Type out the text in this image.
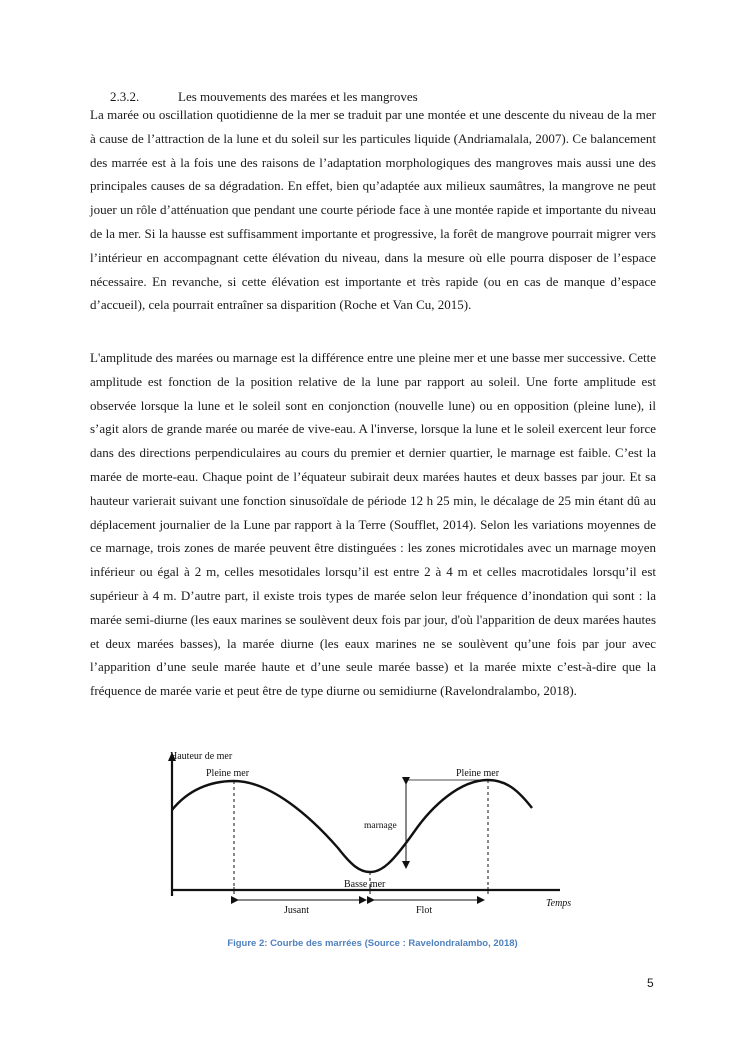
2.3.2.	Les mouvements des marées et les mangroves

La marée ou oscillation quotidienne de la mer se traduit par une montée et une descente du niveau de la mer à cause de l’attraction de la lune et du soleil sur les particules liquide (Andriamalala, 2007). Ce balancement des marrée est à la fois une des raisons de l’adaptation morphologiques des mangroves mais aussi une des principales causes de sa dégradation. En effet, bien qu’adaptée aux milieux saumâtres, la mangrove ne peut jouer un rôle d’atténuation que pendant une courte période face à une montée rapide et importante du niveau de la mer. Si la hausse est suffisamment importante et progressive, la forêt de mangrove pourrait migrer vers l’intérieur en accompagnant cette élévation du niveau, dans la mesure où elle pourra disposer de l’espace nécessaire. En revanche, si cette élévation est importante et très rapide (ou en cas de manque d’espace d’accueil), cela pourrait entraîner sa disparition (Roche et Van Cu, 2015).

L'amplitude des marées ou marnage est la différence entre une pleine mer et une basse mer successive. Cette amplitude est fonction de la position relative de la lune par rapport au soleil. Une forte amplitude est observée lorsque la lune et le soleil sont en conjonction (nouvelle lune) ou en opposition (pleine lune), il s’agit alors de grande marée ou marée de vive-eau. A l'inverse, lorsque la lune et le soleil exercent leur force dans des directions perpendiculaires au cours du premier et dernier quartier, le marnage est faible. C’est la marée de morte-eau. Chaque point de l’équateur subirait deux marées hautes et deux basses par jour. Et sa hauteur varierait suivant une fonction sinusoïdale de période 12 h 25 min, le décalage de 25 min étant dû au déplacement journalier de la Lune par rapport à la Terre (Soufflet, 2014). Selon les variations moyennes de ce marnage, trois zones de marée peuvent être distinguées : les zones microtidales avec un marnage moyen inférieur ou égal à 2 m, celles mesotidales lorsqu’il est entre 2 à 4 m et celles macrotidales lorsqu’il est supérieur à 4 m. D’autre part, il existe trois types de marée selon leur fréquence d’inondation qui sont : la marée semi-diurne (les eaux marines se soulèvent deux fois par jour, d'où l'apparition de deux marées hautes et deux marées basses), la marée diurne (les eaux marines ne se soulèvent qu’une fois par jour avec l’apparition d’une seule marée haute et d’une seule marée basse) et la marée mixte c’est-à-dire que la fréquence de marée varie et peut être de type diurne ou semidiurne (Ravelondralambo, 2018).

Hauteur de mer
Temps
Pleine mer	Pleine mer
Basse mer
marnage
Jusant	Flot
Figure 2: Courbe des marrées (Source : Ravelondralambo, 2018)
5
